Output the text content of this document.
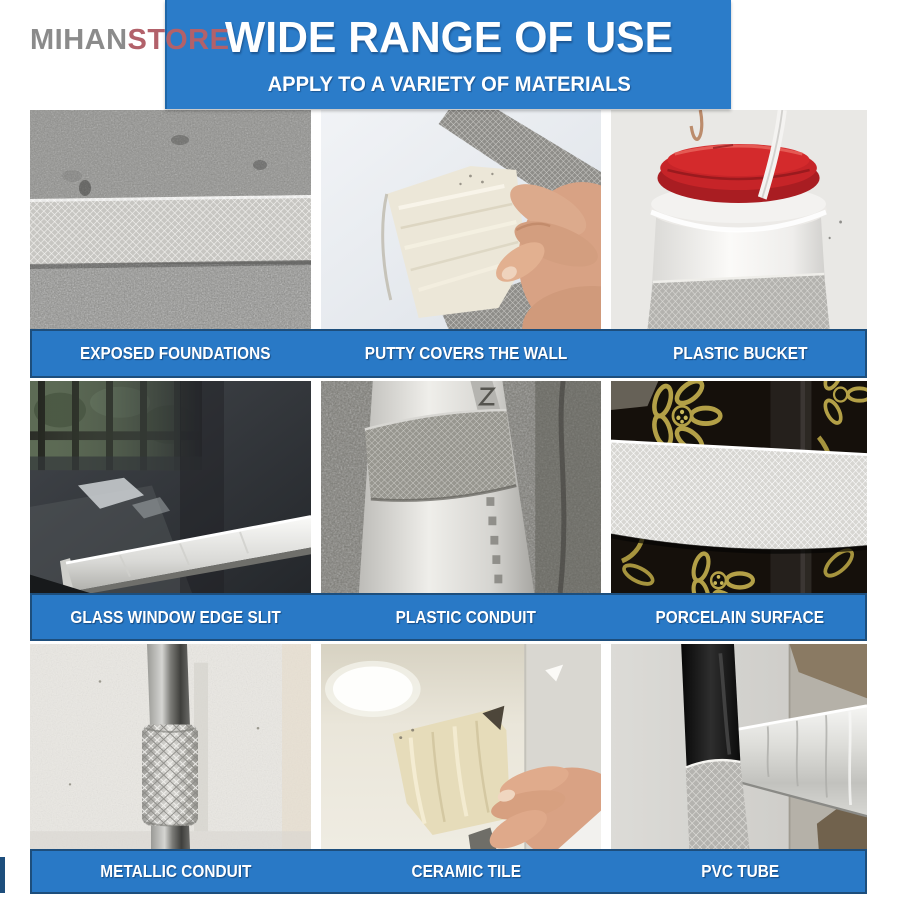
MIHANSTORE
WIDE RANGE OF USE
APPLY TO A VARIETY OF MATERIALS
EXPOSED FOUNDATIONS	PUTTY COVERS THE WALL	PLASTIC BUCKET
GLASS WINDOW EDGE SLIT	PLASTIC CONDUIT	PORCELAIN SURFACE
METALLIC CONDUIT	CERAMIC TILE	PVC TUBE
